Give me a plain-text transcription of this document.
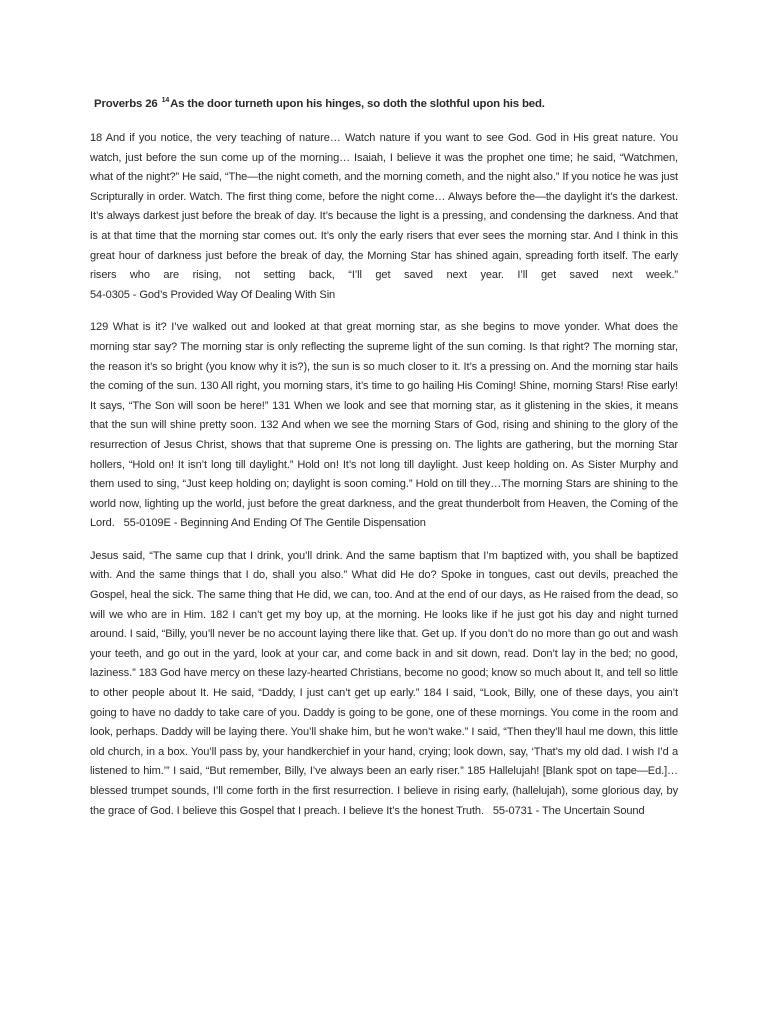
Proverbs 26 $^{14}$As the door turneth upon his hinges, so doth the slothful upon his bed.
18 And if you notice, the very teaching of nature… Watch nature if you want to see God. God in His great nature. You watch, just before the sun come up of the morning… Isaiah, I believe it was the prophet one time; he said, “Watchmen, what of the night?” He said, “The—the night cometh, and the morning cometh, and the night also.” If you notice he was just Scripturally in order. Watch. The first thing come, before the night come… Always before the—the daylight it’s the darkest. It’s always darkest just before the break of day. It’s because the light is a pressing, and condensing the darkness. And that is at that time that the morning star comes out. It’s only the early risers that ever sees the morning star. And I think in this great hour of darkness just before the break of day, the Morning Star has shined again, spreading forth itself. The early risers who are rising, not setting back, “I’ll get saved next year. I’ll get saved next week.” 54-0305 - God’s Provided Way Of Dealing With Sin
129 What is it? I’ve walked out and looked at that great morning star, as she begins to move yonder. What does the morning star say? The morning star is only reflecting the supreme light of the sun coming. Is that right? The morning star, the reason it’s so bright (you know why it is?), the sun is so much closer to it. It’s a pressing on. And the morning star hails the coming of the sun. 130 All right, you morning stars, it’s time to go hailing His Coming! Shine, morning Stars! Rise early! It says, “The Son will soon be here!” 131 When we look and see that morning star, as it glistening in the skies, it means that the sun will shine pretty soon. 132 And when we see the morning Stars of God, rising and shining to the glory of the resurrection of Jesus Christ, shows that that supreme One is pressing on. The lights are gathering, but the morning Star hollers, “Hold on! It isn’t long till daylight.” Hold on! It’s not long till daylight. Just keep holding on. As Sister Murphy and them used to sing, “Just keep holding on; daylight is soon coming.” Hold on till they…The morning Stars are shining to the world now, lighting up the world, just before the great darkness, and the great thunderbolt from Heaven, the Coming of the Lord. 55-0109E - Beginning And Ending Of The Gentile Dispensation
Jesus said, “The same cup that I drink, you’ll drink. And the same baptism that I’m baptized with, you shall be baptized with. And the same things that I do, shall you also.” What did He do? Spoke in tongues, cast out devils, preached the Gospel, heal the sick. The same thing that He did, we can, too. And at the end of our days, as He raised from the dead, so will we who are in Him. 182 I can’t get my boy up, at the morning. He looks like if he just got his day and night turned around. I said, “Billy, you’ll never be no account laying there like that. Get up. If you don’t do no more than go out and wash your teeth, and go out in the yard, look at your car, and come back in and sit down, read. Don’t lay in the bed; no good, laziness.” 183 God have mercy on these lazy-hearted Christians, become no good; know so much about It, and tell so little to other people about It. He said, “Daddy, I just can’t get up early.” 184 I said, “Look, Billy, one of these days, you ain’t going to have no daddy to take care of you. Daddy is going to be gone, one of these mornings. You come in the room and look, perhaps. Daddy will be laying there. You’ll shake him, but he won’t wake.” I said, “Then they’ll haul me down, this little old church, in a box. You’ll pass by, your handkerchief in your hand, crying; look down, say, ‘That’s my old dad. I wish I’d a listened to him.’” I said, “But remember, Billy, I’ve always been an early riser.” 185 Hallelujah! [Blank spot on tape—Ed.]…blessed trumpet sounds, I’ll come forth in the first resurrection. I believe in rising early, (hallelujah), some glorious day, by the grace of God. I believe this Gospel that I preach. I believe It’s the honest Truth. 55-0731 - The Uncertain Sound
